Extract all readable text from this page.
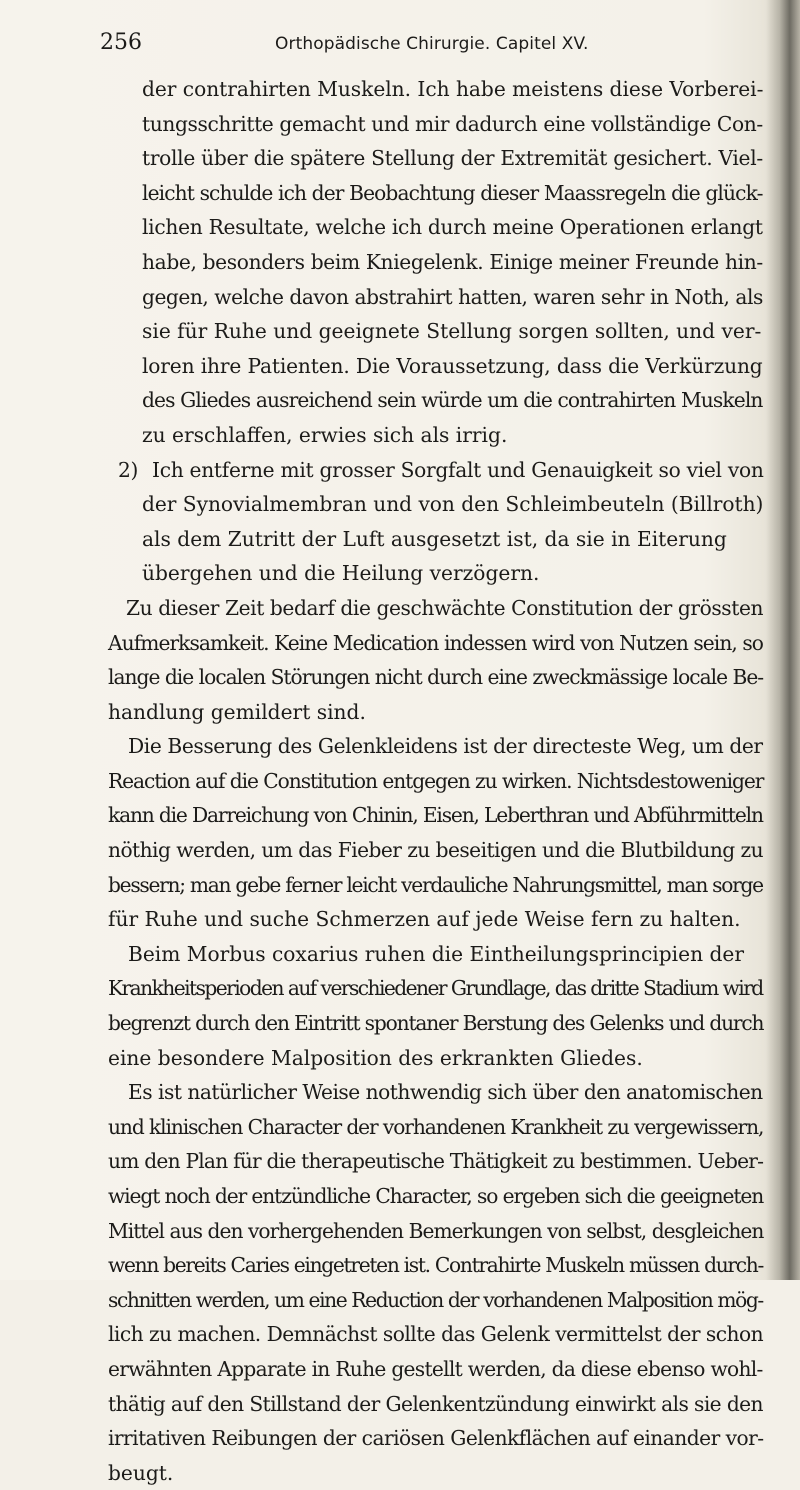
256	Orthopädische Chirurgie. Capitel XV.
der contrahirten Muskeln. Ich habe meistens diese Vorberei-
tungsschritte gemacht und mir dadurch eine vollständige Con-
trolle über die spätere Stellung der Extremität gesichert. Viel-
leicht schulde ich der Beobachtung dieser Maassregeln die glück-
lichen Resultate, welche ich durch meine Operationen erlangt
habe, besonders beim Kniegelenk. Einige meiner Freunde hin-
gegen, welche davon abstrahirt hatten, waren sehr in Noth, als
sie für Ruhe und geeignete Stellung sorgen sollten, und ver-
loren ihre Patienten. Die Voraussetzung, dass die Verkürzung
des Gliedes ausreichend sein würde um die contrahirten Muskeln
zu erschlaffen, erwies sich als irrig.
2) Ich entferne mit grosser Sorgfalt und Genauigkeit so viel von
der Synovialmembran und von den Schleimbeuteln (Billroth)
als dem Zutritt der Luft ausgesetzt ist, da sie in Eiterung
übergehen und die Heilung verzögern.
Zu dieser Zeit bedarf die geschwächte Constitution der grössten
Aufmerksamkeit. Keine Medication indessen wird von Nutzen sein, so
lange die localen Störungen nicht durch eine zweckmässige locale Be-
handlung gemildert sind.
Die Besserung des Gelenkleidens ist der directeste Weg, um der
Reaction auf die Constitution entgegen zu wirken. Nichtsdestoweniger
kann die Darreichung von Chinin, Eisen, Leberthran und Abführmitteln
nöthig werden, um das Fieber zu beseitigen und die Blutbildung zu
bessern; man gebe ferner leicht verdauliche Nahrungsmittel, man sorge
für Ruhe und suche Schmerzen auf jede Weise fern zu halten.
Beim Morbus coxarius ruhen die Eintheilungsprincipien der
Krankheitsperioden auf verschiedener Grundlage, das dritte Stadium wird
begrenzt durch den Eintritt spontaner Berstung des Gelenks und durch
eine besondere Malposition des erkrankten Gliedes.
Es ist natürlicher Weise nothwendig sich über den anatomischen
und klinischen Character der vorhandenen Krankheit zu vergewissern,
um den Plan für die therapeutische Thätigkeit zu bestimmen. Ueber-
wiegt noch der entzündliche Character, so ergeben sich die geeigneten
Mittel aus den vorhergehenden Bemerkungen von selbst, desgleichen
wenn bereits Caries eingetreten ist. Contrahirte Muskeln müssen durch-
schnitten werden, um eine Reduction der vorhandenen Malposition mög-
lich zu machen. Demnächst sollte das Gelenk vermittelst der schon
erwähnten Apparate in Ruhe gestellt werden, da diese ebenso wohl-
thätig auf den Stillstand der Gelenkentzündung einwirkt als sie den
irritativen Reibungen der cariösen Gelenkflächen auf einander vor-
beugt.
